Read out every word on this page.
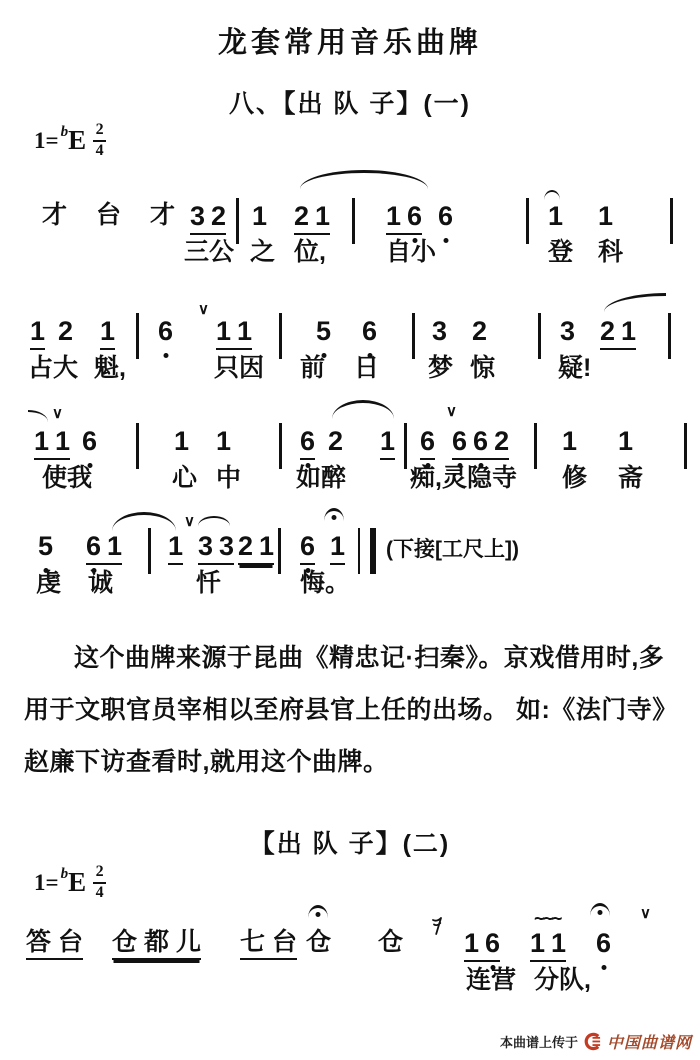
龙套常用音乐曲牌
八、【出 队 子】(一)
1= b E $\frac{2}{4}$
才 台 才 3 2 1 2 1 1 6 6	1 1
三公 之 位, 自小	登 科
1 2 1 6
∨
1 1 5 6 3 2	3 2 1
占大 魁,	只因 前 日 梦 惊	疑!
∨
1 1 6	1 1	6 2 1 6
∨
6 6 2 1 1
使我	心 中 如醉	痴,灵隐寺 修 斋
5 6 1 1
∨
3 3 2 1 6 1 (下接[工尺上])
虔 诚	忏	悔。
答 台 仓 都 儿 七 台 仓 仓 1 6
~~~
1 1 6
∨
连营 分队,
这个曲牌来源于昆曲《精忠记·扫秦》。京戏借用时,多
用于文职官员宰相以至府县官上任的出场。 如:《法门寺》
赵廉下访查看时,就用这个曲牌。
【出 队 子】(二)
1= b E $\frac{2}{4}$
本曲谱上传于 中国曲谱网
